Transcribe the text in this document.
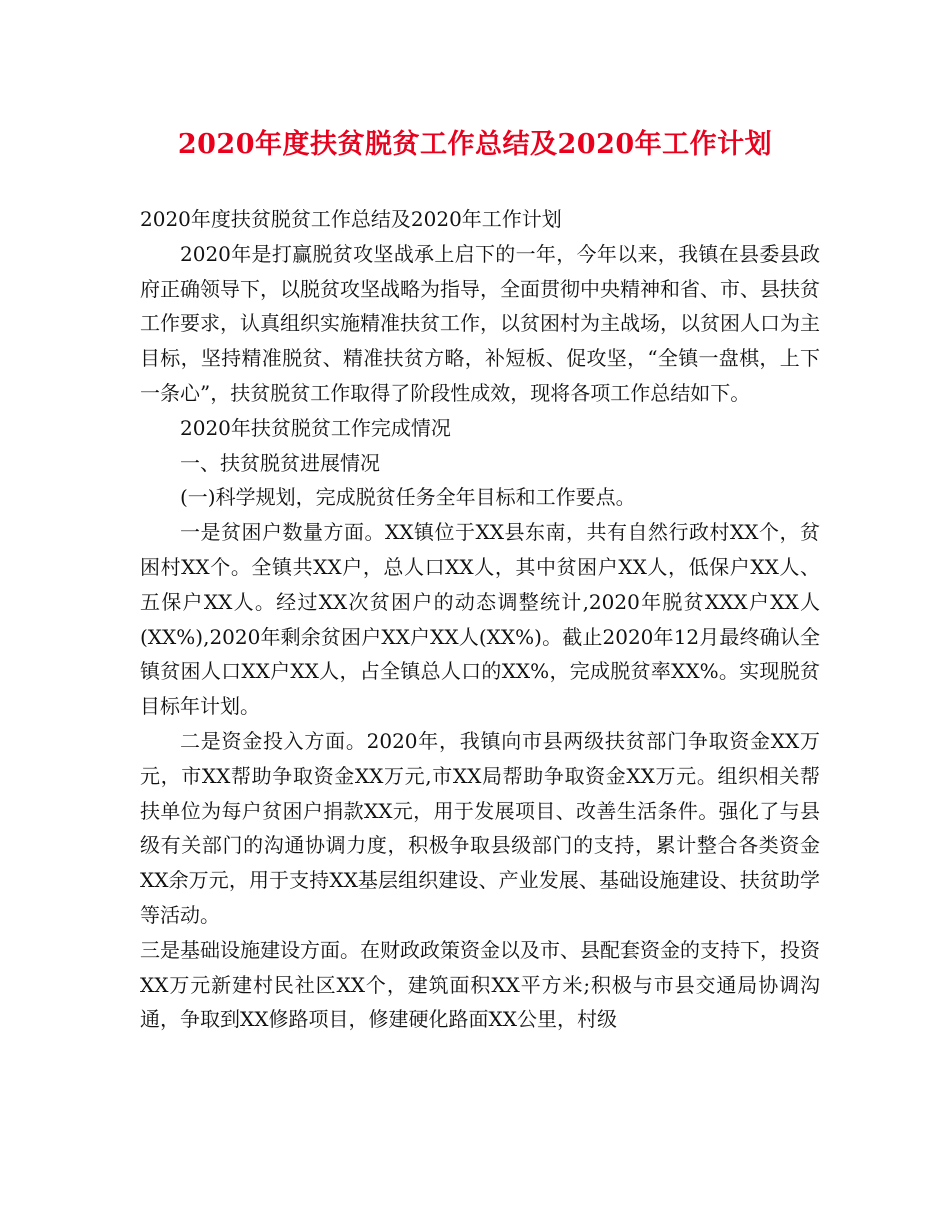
2020年度扶贫脱贫工作总结及2020年工作计划

2020年度扶贫脱贫工作总结及2020年工作计划

2020年是打赢脱贫攻坚战承上启下的一年，今年以来，我镇在县委县政府正确领导下，以脱贫攻坚战略为指导，全面贯彻中央精神和省、市、县扶贫工作要求，认真组织实施精准扶贫工作，以贫困村为主战场，以贫困人口为主目标，坚持精准脱贫、精准扶贫方略，补短板、促攻坚，“全镇一盘棋，上下一条心”，扶贫脱贫工作取得了阶段性成效，现将各项工作总结如下。

2020年扶贫脱贫工作完成情况

一、扶贫脱贫进展情况

(一)科学规划，完成脱贫任务全年目标和工作要点。

一是贫困户数量方面。XX镇位于XX县东南，共有自然行政村XX个，贫困村XX个。全镇共XX户，总人口XX人，其中贫困户XX人，低保户XX人、五保户XX人。经过XX次贫困户的动态调整统计,2020年脱贫XXX户XX人(XX%),2020年剩余贫困户XX户XX人(XX%)。截止2020年12月最终确认全镇贫困人口XX户XX人，占全镇总人口的XX%，完成脱贫率XX%。实现脱贫目标年计划。

二是资金投入方面。2020年，我镇向市县两级扶贫部门争取资金XX万元，市XX帮助争取资金XX万元,市XX局帮助争取资金XX万元。组织相关帮扶单位为每户贫困户捐款XX元，用于发展项目、改善生活条件。强化了与县级有关部门的沟通协调力度，积极争取县级部门的支持，累计整合各类资金XX余万元，用于支持XX基层组织建设、产业发展、基础设施建设、扶贫助学等活动。

三是基础设施建设方面。在财政政策资金以及市、县配套资金的支持下，投资XX万元新建村民社区XX个，建筑面积XX平方米;积极与市县交通局协调沟通，争取到XX修路项目，修建硬化路面XX公里，村级
